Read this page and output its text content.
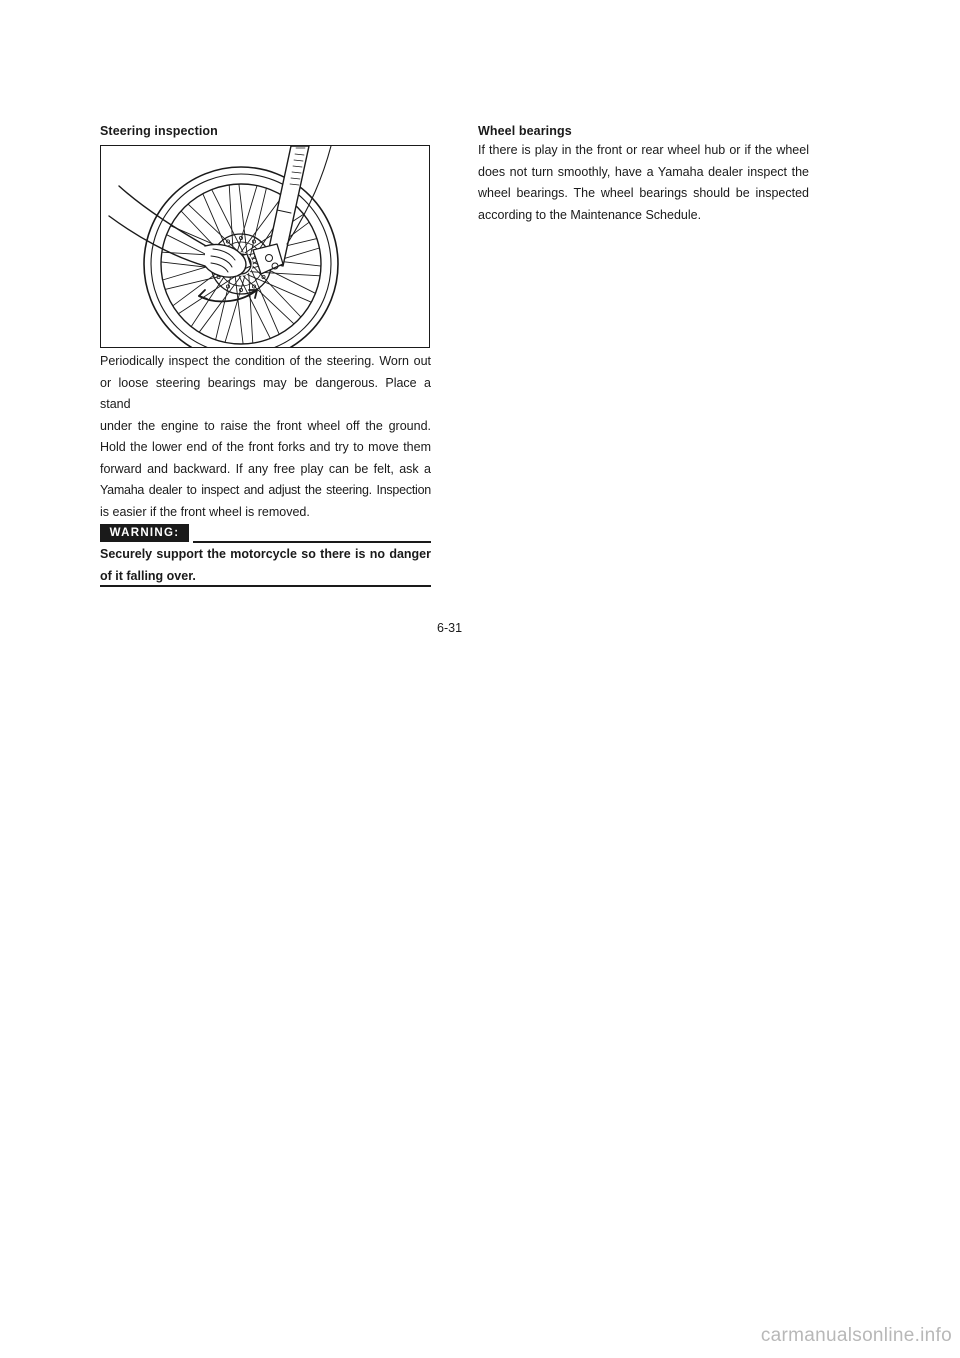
Steering inspection
Periodically inspect the condition of the steering. Worn out
or loose steering bearings may be dangerous. Place a stand
under the engine to raise the front wheel off the ground.
Hold the lower end of the front forks and try to move them
forward and backward. If any free play can be felt, ask a
Yamaha dealer to inspect and adjust the steering. Inspection
is easier if the front wheel is removed.
WARNING:
Securely support the motorcycle so there is no danger
of it falling over.
Wheel bearings
If there is play in the front or rear wheel hub or if the wheel
does not turn smoothly, have a Yamaha dealer inspect the
wheel bearings. The wheel bearings should be inspected
according to the Maintenance Schedule.
6-31
carmanualsonline.info
